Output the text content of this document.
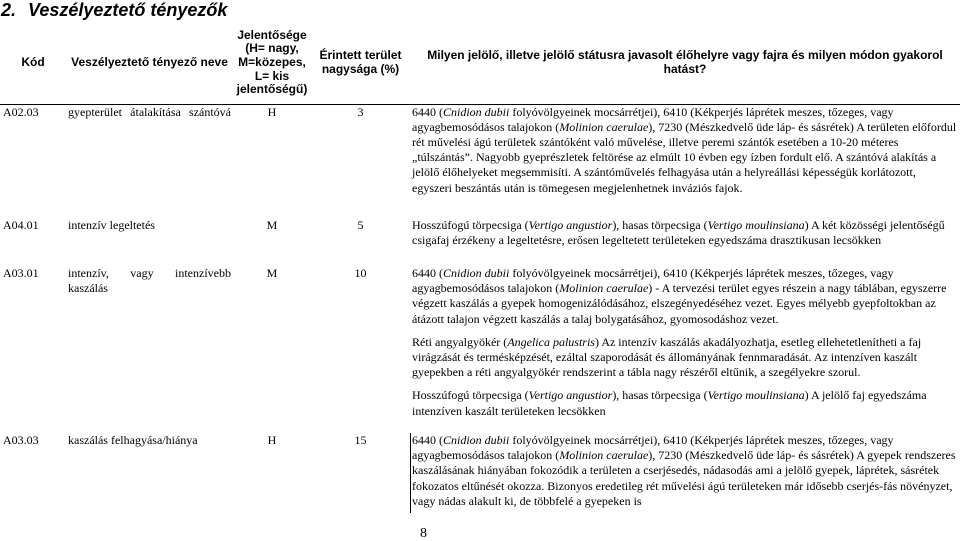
2. Veszélyeztető tényezők
Kód	Veszélyeztető tényező neve	Jelentősége (H= nagy, M=közepes, L= kis jelentőségű)	Érintett terület nagysága (%)	Milyen jelölő, illetve jelölő státusra javasolt élőhelyre vagy fajra és milyen módon gyakorol hatást?
A02.03	gyepterület átalakítása szántóvá	H	3	6440 (Cnidion dubii folyóvölgyeinek mocsárrétjei), 6410 (Kékperjés láprétek meszes, tőzeges, vagy agyagbemosódásos talajokon (Molinion caerulae), 7230 (Mészkedvelő üde láp- és sásrétek) A területen előfordul rét művelési ágú területek szántóként való művelése, illetve peremi szántók esetében a 10-20 méteres „túlszántás”. Nagyobb gyeprészletek feltörése az elmúlt 10 évben egy ízben fordult elő. A szántóvá alakítás a jelölő élőhelyeket megsemmisíti. A szántóművelés felhagyása után a helyreállási képességük korlátozott, egyszeri beszántás után is tömegesen megjelenhetnek inváziós fajok.

A04.01	intenzív legeltetés	M	5	Hosszúfogú törpecsiga (Vertigo angustior), hasas törpecsiga (Vertigo moulinsiana) A két közösségi jelentőségű csigafaj érzékeny a legeltetésre, erősen legeltetett területeken egyedszáma drasztikusan lecsökken

A03.01	intenzív, vagy intenzívebb kaszálás	M	10	6440 (Cnidion dubii folyóvölgyeinek mocsárrétjei), 6410 (Kékperjés láprétek meszes, tőzeges, vagy agyagbemosódásos talajokon (Molinion caerulae) - A tervezési terület egyes részein a nagy táblában, egyszerre végzett kaszálás a gyepek homogenizálódásához, elszegényedéséhez vezet. Egyes mélyebb gyepfoltokban az átázott talajon végzett kaszálás a talaj bolygatásához, gyomosodáshoz vezet.

Réti angyalgyökér (Angelica palustris) Az intenzív kaszálás akadályozhatja, esetleg ellehetetlenítheti a faj virágzását és termésképzését, ezáltal szaporodását és állományának fennmaradását. Az intenzíven kaszált gyepekben a réti angyalgyökér rendszerint a tábla nagy részéről eltűnik, a szegélyekre szorul.

Hosszúfogú törpecsiga (Vertigo angustior), hasas törpecsiga (Vertigo moulinsiana) A jelölő faj egyedszáma intenzíven kaszált területeken lecsökken

A03.03	kaszálás felhagyása/hiánya	H	15	6440 (Cnidion dubii folyóvölgyeinek mocsárrétjei), 6410 (Kékperjés láprétek meszes, tőzeges, vagy agyagbemosódásos talajokon (Molinion caerulae), 7230 (Mészkedvelő üde láp- és sásrétek) A gyepek rendszeres kaszálásának hiányában fokozódik a területen a cserjésedés, nádasodás ami a jelölő gyepek, láprétek, sásrétek fokozatos eltűnését okozza. Bizonyos eredetileg rét művelési ágú területeken már idősebb cserjés-fás növényzet, vagy nádas alakult ki, de többfelé a gyepeken is

8
